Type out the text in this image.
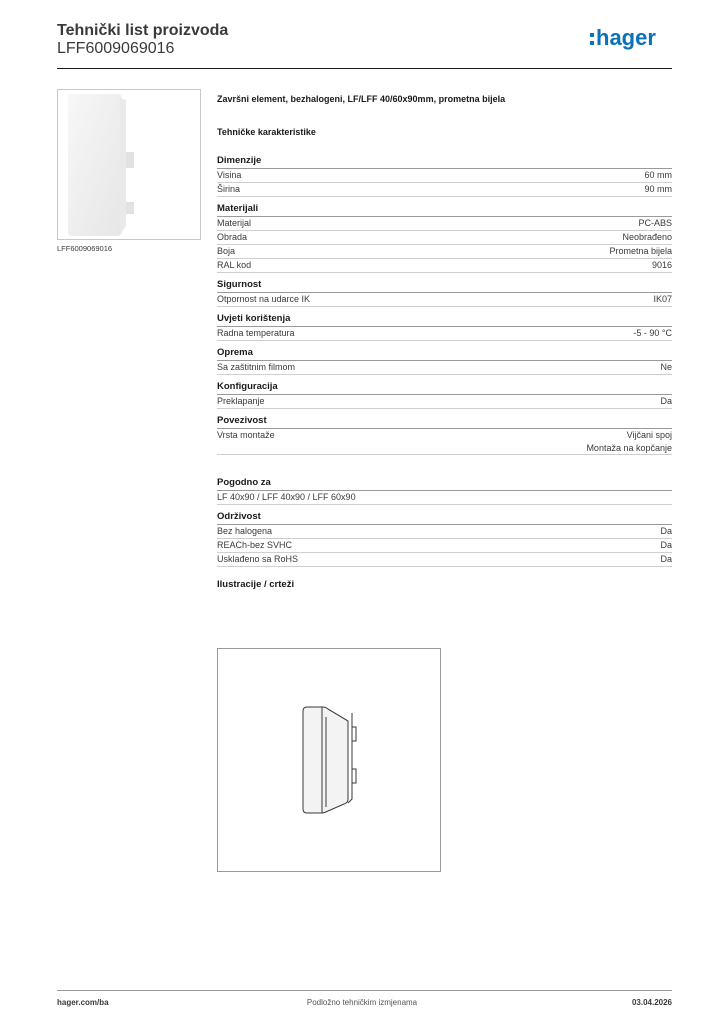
Tehnički list proizvoda
LFF6009069016	hager
LFF6009069016
Završni element, bezhalogeni, LF/LFF 40/60x90mm, prometna bijela
Tehničke karakteristike
Dimenzije
Visina	60 mm
Širina	90 mm
Materijali
Materijal	PC-ABS
Obrada	Neobrađeno
Boja	Prometna bijela
RAL kod	9016
Sigurnost
Otpornost na udarce IK	IK07
Uvjeti korištenja
Radna temperatura	-5 - 90 °C
Oprema
Sa zaštitnim filmom	Ne
Konfiguracija
Preklapanje	Da
Povezivost
Vrsta montaže	Vijčani spoj
Montaža na kopčanje
Pogodno za
LF 40x90 / LFF 40x90 / LFF 60x90
Održivost
Bez halogena	Da
REACh-bez SVHC	Da
Usklađeno sa RoHS	Da
Ilustracije / crteži
hager.com/ba	Podložno tehničkim izmjenama	03.04.2026
